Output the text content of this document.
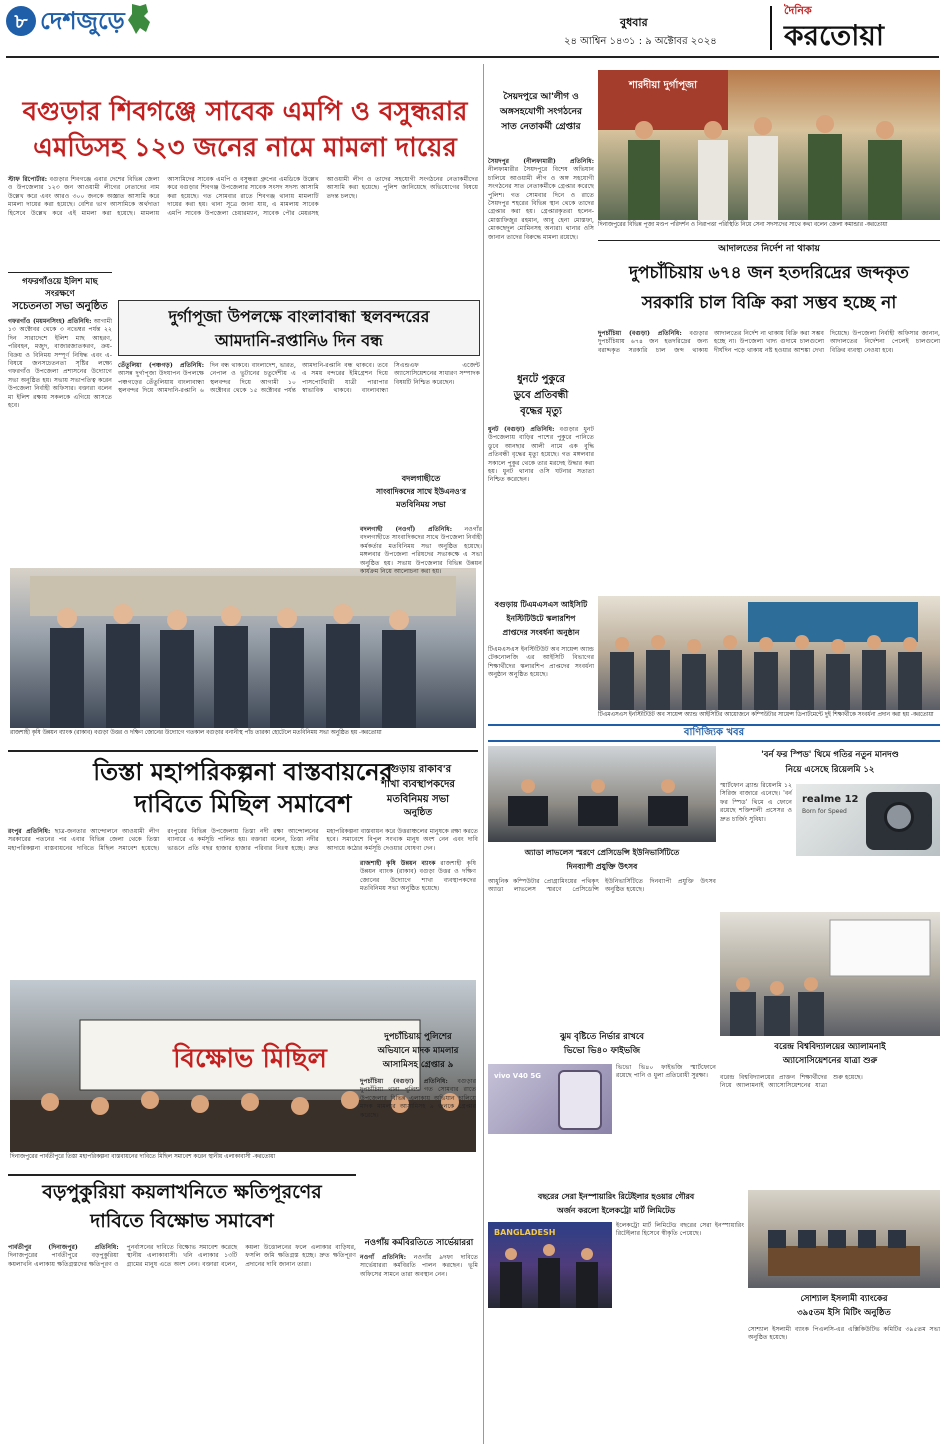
৮ দেশজুড়ে	বুধবার
২৪ আশ্বিন ১৪৩১ : ৯ অক্টোবর ২০২৪
দৈনিক
করতোয়া
বগুড়ার শিবগঞ্জে সাবেক এমপি ও বসুন্ধরার
এমডিসহ ১২৩ জনের নামে মামলা দায়ের
স্টাফ রিপোর্টার: বগুড়ার শিবগঞ্জে এবার দেশের বিভিন্ন জেলা ও উপজেলার ১২৩ জন আওয়ামী লীগের নেতাদের নাম উল্লেখ করে এবং আরও ৩০০ জনকে অজ্ঞাত আসামি করে মামলা দায়ের করা হয়েছে। বেশির ভাগ আসামিকে অর্থদাতা হিসেবে উল্লেখ করে এই মামলা করা হয়েছে। মামলায় আসামিদের সাবেক এমপি ও বসুন্ধরা গ্রুপের এমডিকে উল্লেখ করে বগুড়ার শিবগঞ্জ উপজেলার সাবেক সংসদ সদস্য আসামি করা হয়েছে। গত সোমবার রাতে শিবগঞ্জ থানায় মামলাটি দায়ের করা হয়। থানা সূত্রে জানা যায়, এ মামলায় সাবেক এমপি সাবেক উপজেলা চেয়ারম্যান, সাবেক পৌর মেয়রসহ আওয়ামী লীগ ও তাদের সহযোগী সংগঠনের নেতাকর্মীদের আসামি করা হয়েছে। পুলিশ জানিয়েছে অভিযোগের বিষয়ে তদন্ত চলছে।
গফরগাঁওয়ে ইলিশ মাছ সংরক্ষণে
সচেতনতা সভা অনুষ্ঠিত
গফরগাঁও (ময়মনসিংহ) প্রতিনিধি: আগামী ১৩ অক্টোবর থেকে ৩ নভেম্বর পর্যন্ত ২২ দিন সারাদেশে ইলিশ মাছ আহরণ, পরিবহন, মজুদ, বাজারজাতকরণ, ক্রয়-বিক্রয় ও বিনিময় সম্পূর্ণ নিষিদ্ধ এবং এ-বিষয়ে জনসচেতনতা সৃষ্টির লক্ষ্যে গফরগাঁও উপজেলা প্রশাসনের উদ্যোগে সভা অনুষ্ঠিত হয়। সভায় সভাপতিত্ব করেন উপজেলা নির্বাহী অফিসার। বক্তারা বলেন মা ইলিশ রক্ষায় সকলকে এগিয়ে আসতে হবে।
দুর্গাপূজা উপলক্ষে বাংলাবান্ধা স্থলবন্দরের
আমদানি-রপ্তানি৬ দিন বন্ধ
তেঁতুলিয়া (পঞ্চগড়) প্রতিনিধি: আসন্ন দুর্গাপূজা উদযাপন উপলক্ষে পঞ্চগড়ের তেঁতুলিয়ায় বাংলাবান্ধা স্থলবন্দর দিয়ে আমদানি-রপ্তানি ৬ দিন বন্ধ থাকবে। বাংলাদেশ, ভারত, নেপাল ও ভুটানের চতুর্দেশীয় এ স্থলবন্দর দিয়ে আগামী ১০ অক্টোবর থেকে ১৫ অক্টোবর পর্যন্ত আমদানি-রপ্তানি বন্ধ থাকবে। তবে এ সময় বন্দরের ইমিগ্রেশন দিয়ে পাসপোর্টধারী যাত্রী পারাপার স্বাভাবিক থাকবে। বাংলাবান্ধা সিএন্ডএফ এজেন্ট অ্যাসোসিয়েশনের সাধারণ সম্পাদক বিষয়টি নিশ্চিত করেছেন।
রাজশাহী কৃষি উন্নয়ন ব্যাংক (রাকাব) বগুড়া উত্তর ও দক্ষিণ জোনের উদ্যোগে গতকাল বগুড়ার বনানীস্থ পাঁচ তারকা হোটেলে মতবিনিময় সভা অনুষ্ঠিত হয় -করতোয়া
তিস্তা মহাপরিকল্পনা বাস্তবায়নের
দাবিতে মিছিল সমাবেশ
রংপুর প্রতিনিধি: ছাত্র-জনতার আন্দোলনে আওয়ামী লীগ সরকারের পতনের পর এবার বিভিন্ন জেলা থেকে তিস্তা মহাপরিকল্পনা বাস্তবায়নের দাবিতে মিছিল সমাবেশ হয়েছে। রংপুরের বিভিন্ন উপজেলায় তিস্তা নদী রক্ষা আন্দোলনের ব্যানারে এ কর্মসূচি পালিত হয়। বক্তারা বলেন, তিস্তা নদীর ভাঙনে প্রতি বছর হাজার হাজার পরিবার নিঃস্ব হচ্ছে। দ্রুত মহাপরিকল্পনা বাস্তবায়ন করে উত্তরাঞ্চলের মানুষকে রক্ষা করতে হবে। সমাবেশে বিপুল সংখ্যক মানুষ অংশ নেন এবং দাবি আদায়ে কঠোর কর্মসূচি দেওয়ার ঘোষণা দেন।
বিক্ষোভ মিছিল
দিনাজপুরের পার্বতীপুরে তিস্তা মহাপরিকল্পনা বাস্তবায়নের দাবিতে মিছিল সমাবেশ করেন স্থানীয় এলাকাবাসী -করতোয়া
বড়পুকুরিয়া কয়লাখনিতে ক্ষতিপূরণের
দাবিতে বিক্ষোভ সমাবেশ
পার্বতীপুর (দিনাজপুর) প্রতিনিধি: দিনাজপুরের পার্বতীপুরে বড়পুকুরিয়া কয়লাখনি এলাকায় ক্ষতিগ্রস্তদের ক্ষতিপূরণ ও পুনর্বাসনের দাবিতে বিক্ষোভ সমাবেশ করেছে স্থানীয় এলাকাবাসী। খনি এলাকার ১৩টি গ্রামের মানুষ এতে অংশ নেন। বক্তারা বলেন, কয়লা উত্তোলনের ফলে এলাকার বাড়িঘর, ফসলি জমি ক্ষতিগ্রস্ত হচ্ছে। দ্রুত ক্ষতিপূরণ প্রদানের দাবি জানান তারা।
বগুড়ায় রাকাব'র
শাখা ব্যবস্থাপকদের
মতবিনিময় সভা
অনুষ্ঠিত
রাজশাহী কৃষি উন্নয়ন ব্যাংক রাজশাহী কৃষি উন্নয়ন ব্যাংক (রাকাব) বগুড়া উত্তর ও দক্ষিণ জোনের উদ্যোগে শাখা ব্যবস্থাপকদের মতবিনিময় সভা অনুষ্ঠিত হয়েছে।
দুপচাঁচিয়ায় পুলিশের
অভিযানে মাদক মামলার
আসামিসহ গ্রেপ্তার ৯
দুপচাঁচিয়া (বগুড়া) প্রতিনিধি: বগুড়ার দুপচাঁচিয়া থানা পুলিশ গত সোমবার রাতে উপজেলার বিভিন্ন এলাকায় অভিযান চালিয়ে মাদক মামলার আসামিসহ ৯ জনকে গ্রেপ্তার করেছে।
নওগাঁয় কর্মবিরতিতে সার্ভেয়াররা
নওগাঁ প্রতিনিধি: নওগাঁয় ৯দফা দাবিতে সার্ভেয়াররা কর্মবিরতি পালন করছেন। ভূমি অফিসের সামনে তারা অবস্থান নেন।
সৈয়দপুরে আ'লীগ ও
অঙ্গসহযোগী সংগঠনের
সাত নেতাকর্মী গ্রেপ্তার
সৈয়দপুর (নীলফামারী) প্রতিনিধি: নীলফামারীর সৈয়দপুরে বিশেষ অভিযান চালিয়ে আওয়ামী লীগ ও অঙ্গ সহযোগী সংগঠনের সাত নেতাকর্মীকে গ্রেপ্তার করেছে পুলিশ। গত সোমবার দিনে ও রাতে সৈয়দপুর শহরের বিভিন্ন স্থান থেকে তাদের গ্রেপ্তার করা হয়। গ্রেপ্তারকৃতরা হলেন- মোস্তাফিজুর রহমান, আবু হেনা মোস্তফা, মোকছেদুল মোমিনসহ অন্যরা। থানার ওসি জানান তাদের বিরুদ্ধে মামলা রয়েছে।
ধুনটে পুকুরে
ডুবে প্রতিবন্ধী
বৃদ্ধের মৃত্যু
ধুনট (বগুড়া) প্রতিনিধি: বগুড়ার ধুনট উপজেলায় বাড়ির পাশের পুকুরে পানিতে ডুবে আনছার আলী নামে এক বুদ্ধি প্রতিবন্ধী বৃদ্ধের মৃত্যু হয়েছে। গত মঙ্গলবার সকালে পুকুর থেকে তার মরদেহ উদ্ধার করা হয়। ধুনট থানার ওসি ঘটনার সত্যতা নিশ্চিত করেছেন।
বদলগাছীতে
সাংবাদিকদের সাথে ইউএনও'র
মতবিনিময় সভা
বদলগাছী (নওগাঁ) প্রতিনিধি: নওগাঁর বদলগাছীতে সাংবাদিকদের সাথে উপজেলা নির্বাহী কর্মকর্তার মতবিনিময় সভা অনুষ্ঠিত হয়েছে। মঙ্গলবার উপজেলা পরিষদের সভাকক্ষে এ সভা অনুষ্ঠিত হয়। সভায় উপজেলার বিভিন্ন উন্নয়ন কার্যক্রম নিয়ে আলোচনা করা হয়।
বগুড়ায় টিএমএসএস আইসিটি
ইনস্টিটিউটে স্কলারশিপ
প্রাপ্তদের সংবর্ধনা অনুষ্ঠান
টিএমএসএস ইনস্টিটিউট অব সায়েন্স অ্যান্ড টেকনোলজি এর আইসিটি বিভাগের শিক্ষার্থীদের স্কলারশিপ প্রাপ্তদের সংবর্ধনা অনুষ্ঠান অনুষ্ঠিত হয়েছে।
টিএমএসএস ইনস্টিটিউট অব সায়েন্স অ্যান্ড আইসিটির আয়োজনে কম্পিউটার সায়েন্স ডিপার্টমেন্টে দুই শিক্ষার্থীকে সংবর্ধনা প্রদান করা হয় -করতোয়া
শারদীয়া দুর্গাপূজা
দিনাজপুরের বিভিন্ন পূজা মণ্ডপ পরিদর্শন ও নিরাপত্তা পরিস্থিতি নিয়ে সেনা সদস্যদের সাথে কথা বলেন জেলা কমান্ডার -করতোয়া
আদালতের নির্দেশ না থাকায়
দুপচাঁচিয়ায় ৬৭৪ জন হতদরিদ্রের জব্দকৃত
সরকারি চাল বিক্রি করা সম্ভব হচ্ছে না
দুপচাঁচিয়া (বগুড়া) প্রতিনিধি: বগুড়ার দুপচাঁচিয়ায় ৬৭৪ জন হতদরিদ্রের জন্য বরাদ্দকৃত সরকারি চাল জব্দ থাকায় আদালতের নির্দেশ না থাকায় বিক্রি করা সম্ভব হচ্ছে না। উপজেলা খাদ্য গুদামে চালগুলো দীর্ঘদিন পড়ে থাকায় নষ্ট হওয়ার আশঙ্কা দেখা দিয়েছে। উপজেলা নির্বাহী অফিসার জানান, আদালতের নির্দেশনা পেলেই চালগুলো বিক্রির ব্যবস্থা নেওয়া হবে।
বাণিজ্যিক খবর
'বর্ন ফর স্পিড' থিমে গতির নতুন মানদণ্ড
নিয়ে এসেছে রিয়েলমি ১২
স্মার্টফোন ব্র্যান্ড রিয়েলমি ১২ সিরিজ বাজারে এনেছে। 'বর্ন ফর স্পিড' থিমে এ ফোনে রয়েছে শক্তিশালী প্রসেসর ও দ্রুত চার্জিং সুবিধা।
realme 12
Born for Speed
অ্যাডা লাভলেস স্মরণে প্রেসিডেন্সি ইউনিভার্সিটিতে
দিনব্যাপী প্রযুক্তি উৎসব
আধুনিক কম্পিউটার প্রোগ্রামিংয়ের পথিকৃৎ অ্যাডা লাভলেস স্মরণে প্রেসিডেন্সি ইউনিভার্সিটিতে দিনব্যাপী প্রযুক্তি উৎসব অনুষ্ঠিত হয়েছে।
বরেন্দ্র বিশ্ববিদ্যালয়ের অ্যালামনাই
অ্যাসোসিয়েশনের যাত্রা শুরু
বরেন্দ্র বিশ্ববিদ্যালয়ের প্রাক্তন শিক্ষার্থীদের নিয়ে অ্যালামনাই অ্যাসোসিয়েশনের যাত্রা শুরু হয়েছে।
ঝুম বৃষ্টিতে নির্ভার রাখবে
ভিভো ভি৪০ ফাইভজি
vivo V40 5G
ভিভো ভি৪০ ফাইভজি স্মার্টফোনে রয়েছে পানি ও ধুলা প্রতিরোধী সুরক্ষা।
বছরের সেরা ইনস্পায়ারিং রিটেইলার হওয়ার গৌরব
অর্জন করলো ইলেকট্রো মার্ট লিমিটেড
BANGLADESH
ইলেকট্রো মার্ট লিমিটেড বছরের সেরা ইনস্পায়ারিং রিটেইলার হিসেবে স্বীকৃতি পেয়েছে।
সোশ্যাল ইসলামী ব্যাংকের
৩৯৫তম ইসি মিটিং অনুষ্ঠিত
সোশ্যাল ইসলামী ব্যাংক পিএলসি-এর এক্সিকিউটিভ কমিটির ৩৯৫তম সভা অনুষ্ঠিত হয়েছে।
